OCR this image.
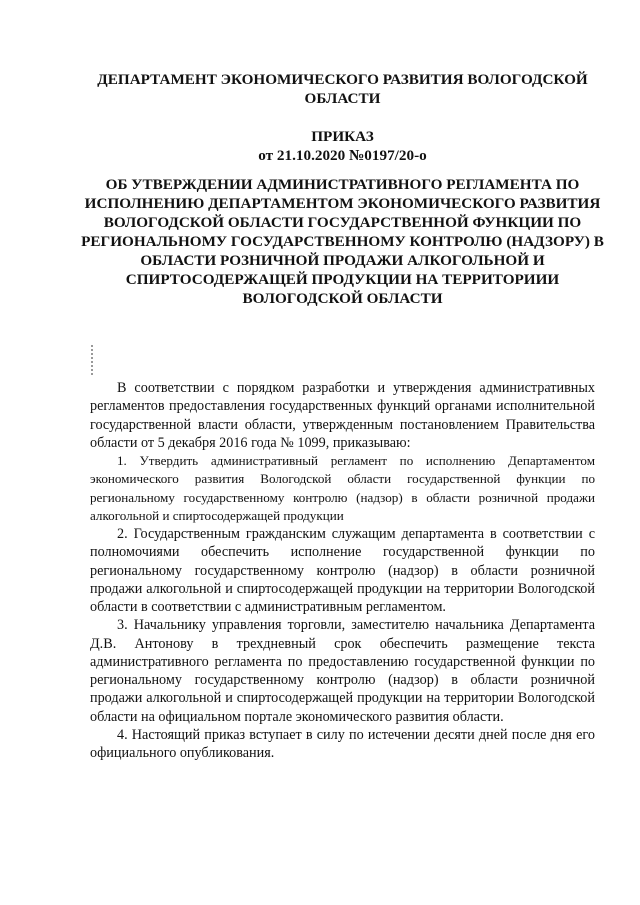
ДЕПАРТАМЕНТ ЭКОНОМИЧЕСКОГО РАЗВИТИЯ ВОЛОГОДСКОЙ ОБЛАСТИ
ПРИКАЗ
от 21.10.2020 №0197/20-о
ОБ УТВЕРЖДЕНИИ АДМИНИСТРАТИВНОГО РЕГЛАМЕНТА ПО ИСПОЛНЕНИЮ ДЕПАРТАМЕНТОМ ЭКОНОМИЧЕСКОГО РАЗВИТИЯ ВОЛОГОДСКОЙ ОБЛАСТИ ГОСУДАРСТВЕННОЙ ФУНКЦИИ ПО РЕГИОНАЛЬНОМУ ГОСУДАРСТВЕННОМУ КОНТРОЛЮ (НАДЗОРУ) В ОБЛАСТИ РОЗНИЧНОЙ ПРОДАЖИ АЛКОГОЛЬНОЙ И СПИРТОСОДЕРЖАЩЕЙ ПРОДУКЦИИ НА ТЕРРИТОРИИИ ВОЛОГОДСКОЙ ОБЛАСТИ

В соответствии с порядком разработки и утверждения административных регламентов предоставления государственных функций органами исполнительной государственной власти области, утвержденным постановлением Правительства области от 5 декабря 2016 года № 1099, приказываю:

1. Утвердить административный регламент по исполнению Департаментом экономического развития Вологодской области государственной функции по региональному государственному контролю (надзор) в области розничной продажи алкогольной и спиртосодержащей продукции

2. Государственным гражданским служащим департамента в соответствии с полномочиями обеспечить исполнение государственной функции по региональному государственному контролю (надзор) в области розничной продажи алкогольной и спиртосодержащей продукции на территории Вологодской области в соответствии с административным регламентом.

3. Начальнику управления торговли, заместителю начальника Департамента Д.В. Антонову в трехдневный срок обеспечить размещение текста административного регламента по предоставлению государственной функции по региональному государственному контролю (надзор) в области розничной продажи алкогольной и спиртосодержащей продукции на территории Вологодской области на официальном портале экономического развития области.

4. Настоящий приказ вступает в силу по истечении десяти дней после дня его официального опубликования.
